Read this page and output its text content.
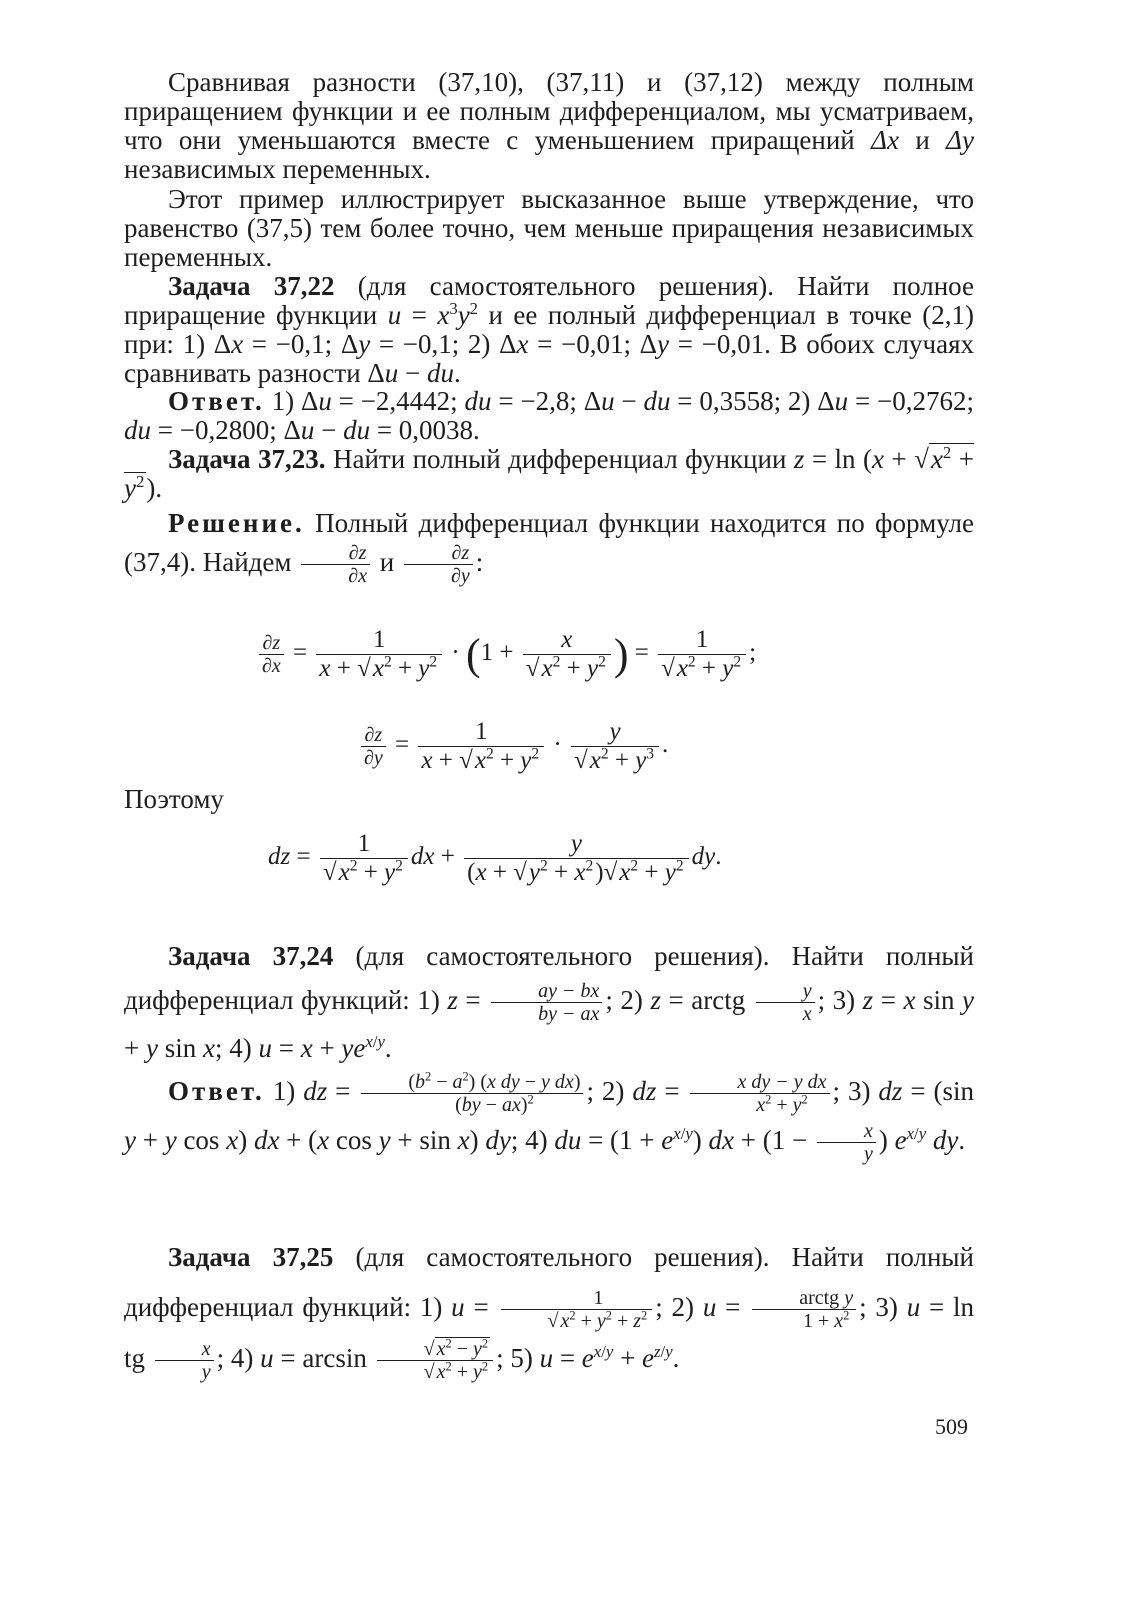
Сравнивая разности (37,10), (37,11) и (37,12) между полным приращением функции и ее полным дифференциалом, мы усматриваем, что они уменьшаются вместе с уменьшением приращений Δx и Δy независимых переменных.
Этот пример иллюстрирует высказанное выше утверждение, что равенство (37,5) тем более точно, чем меньше приращения независимых переменных.
Задача 37,22 (для самостоятельного решения). Найти полное приращение функции $u = x^3y^2$ и ее полный дифференциал в точке (2,1) при: 1) Δx = −0,1; Δy = −0,1; 2) Δx = −0,01; Δy = −0,01. В обоих случаях сравнивать разности Δu − du.
Ответ. 1) Δu = −2,4442; du = −2,8; Δu − du = 0,3558; 2) Δu = −0,2762; du = −0,2800; Δu − du = 0,0038.
Задача 37,23. Найти полный дифференциал функции z = ln (x + √ $x^2 + y^2$).
Решение. Полный дифференциал функции находится по формуле (37,4). Найдем $\frac{\partial z}{\partial x}$ и $\frac{\partial z}{\partial y}$ :
$\frac{\partial z}{\partial x} = \frac{1}{x + √ x^2 + y^2} \cdot (1 + x$
√ $x^2 + y^2$ ) = 1
√ $x^2 + y^2$ ;
$\frac{\partial z}{\partial y} = \frac{1}{x + √ x^2 + y^2} \cdot y$
√ $x^2 + y^3$ .
Поэтому
dz = 1
√ $x^2 + y^2$ dx + $\frac{y}{(x + √ y^2 + x^2) √ x^2 + y^2}$ dy.
Задача 37,24 (для самостоятельного решения). Найти полный дифференциал функций: 1) $z = \frac{ay - bx}{by - ax}$ ; 2) z = arctg $\frac{y}{x}$ ; 3) z = x sin y + y sin x; 4) $u = x + ye^{x/y}$.
Ответ. 1) dz = $\frac{(b^2 - a^2) (x dy - y dx)}{(by - ax)^2}$ ; 2) dz = $\frac{\text{x dy − y dx}}{x^2 + y^2}$ ; 3) dz = (sin y + y cos x) dx + (x cos y + sin x) dy; 4) du = $(1 + e^{x/y})$ dx + ($1 - \frac{x}{y}$ ) $e^{x/y}$ dy.
Задача 37,25 (для самостоятельного решения). Найти полный дифференциал функций: 1) u = 1
√ $x^2 + y^2 + z^2$ ; 2) u =	arctg y
$1 + x^2$ ; 3) u = ln tg $\frac{x}{y}$ ; 4) u = arcsin √ $x^2 - y^2$
√ $x^2 + y^2$ ; 5) $u = e^{x/y} + e^{z/y}$.
509
